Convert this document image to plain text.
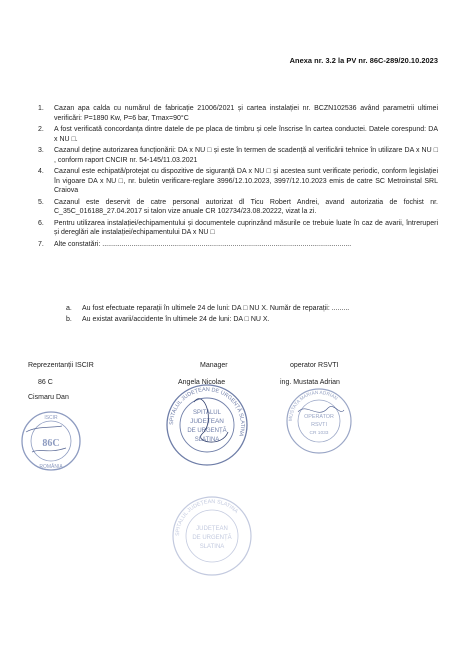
Anexa nr. 3.2 la PV nr. 86C-289/20.10.2023
1. Cazan apa calda cu numărul de fabricație 21006/2021 și cartea instalației nr. BCZN102536 având parametrii ultimei verificări: P=1890 Kw, P=6 bar, Tmax=90°C
2. A fost verificată concordanța dintre datele de pe placa de timbru și cele înscrise în cartea conductei. Datele corespund: DA x NU □.
3. Cazanul deține autorizarea funcționării: DA x NU □ și este în termen de scadență al verificării tehnice în utilizare DA x NU □ , conform raport CNCIR nr. 54-145/11.03.2021
4. Cazanul este echipată/protejat cu dispozitive de siguranță DA x NU □ și acestea sunt verificate periodic, conform legislației în vigoare DA x NU □, nr. buletin verificare-reglare 3996/12.10.2023, 3997/12.10.2023 emis de catre SC Metroinstal SRL Craiova
5. Cazanul este deservit de catre personal autorizat dl Ticu Robert Andrei, avand autorizatia de fochist nr. C_35C_016188_27.04.2017 si talon vize anuale CR 102734/23.08.20222, vizat la zi.
6. Pentru utilizarea instalației/echipamentului și documentele cuprinzând măsurile ce trebuie luate în caz de avarii, întreruperi și dereglări ale instalației/echipamentului DA x NU □
7. Alte constatări: ................................................................................................................................
a. Au fost efectuate reparații în ultimele 24 de luni: DA □ NU X. Număr de reparații: .........
b. Au existat avarii/accidente în ultimele 24 de luni: DA □ NU X.
Reprezentanții ISCIR
86 C
Manager	operator RSVTI
ing. Mustata Adrian
ISCIR
86C
ROMÂNIA
Cismaru Dan
Angela Nicolae
SPITALUL JUDEȚEAN DE URGENȚĂ SLATINA
SPITALUL
JUDEȚEAN
DE URGENȚĂ
SLATINA
MUSTATA MARIAN ADRIAN
OPERATOR
RSVTI
CR 1033
SPITALUL JUDEȚEAN SLATINA
JUDEȚEAN
DE URGENȚĂ
SLATINA
